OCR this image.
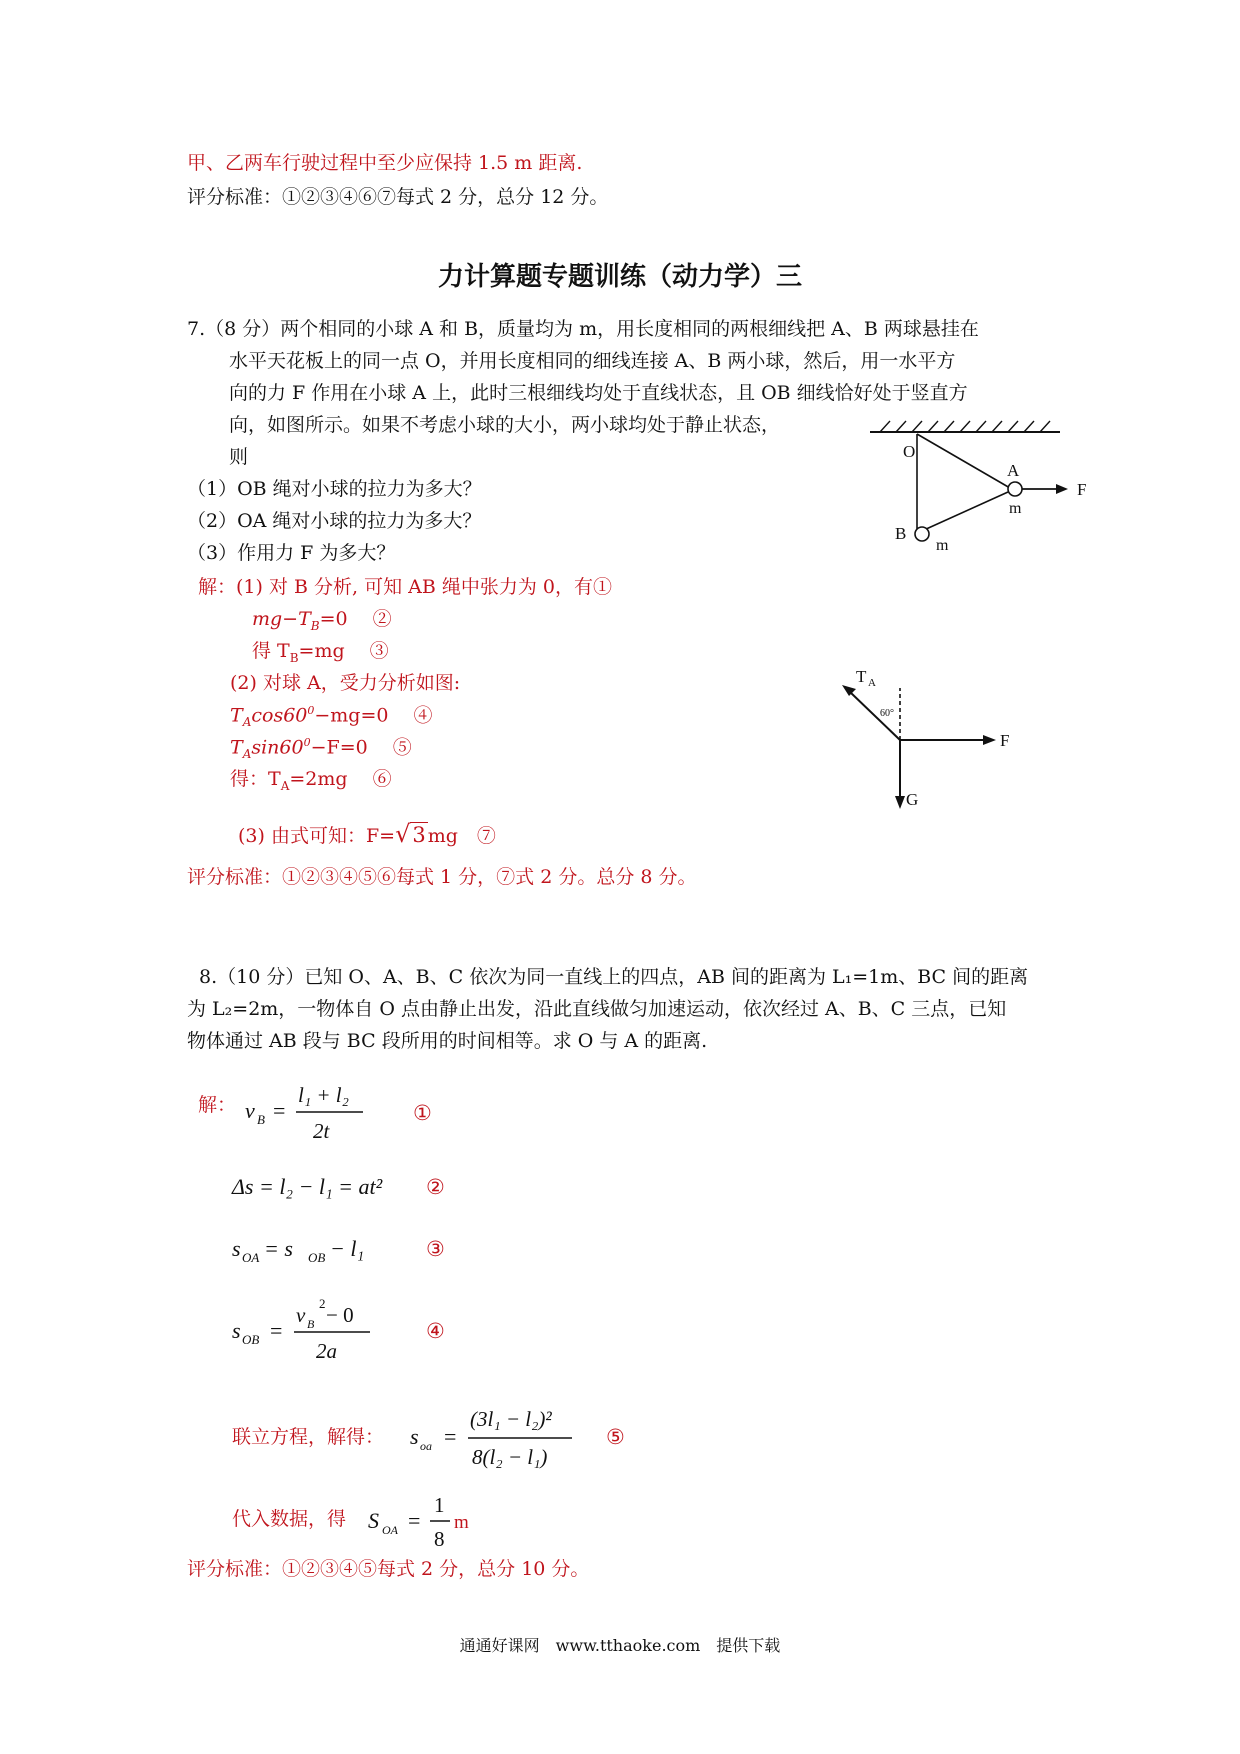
甲、乙两车行驶过程中至少应保持 1.5 m 距离.
评分标准：①②③④⑥⑦每式 2 分，总分 12 分。
力计算题专题训练（动力学）三
7.（8 分）两个相同的小球 A 和 B，质量均为 m，用长度相同的两根细线把 A、B 两球悬挂在
水平天花板上的同一点 O，并用长度相同的细线连接 A、B 两小球，然后，用一水平方
向的力 F 作用在小球 A 上，此时三根细线均处于直线状态，且 OB 细线恰好处于竖直方
向，如图所示。如果不考虑小球的大小，两小球均处于静止状态，
则
（1）OB 绳对小球的拉力为多大？
（2）OA 绳对小球的拉力为多大？
（3）作用力 F 为多大？
O
A
B
F
m
m
T A
60°
F
G
解：(1) 对 B 分析, 可知 AB 绳中张力为 0，有①
$mg-T_B=0$　 ②
得 $T_B=mg$　 ③
(2) 对球 A，受力分析如图:
$T_A\cos 60^0-mg=0$　 ④
$T_A\sin 60^0-F=0$　 ⑤
得：$T_A=2mg$　 ⑥
(3) 由式可知：F=√3 mg　⑦
评分标准：①②③④⑤⑥每式 1 分，⑦式 2 分。总分 8 分。
8.（10 分）已知 O、A、B、C 依次为同一直线上的四点，AB 间的距离为 L₁=1m、BC 间的距离
为 L₂=2m，一物体自 O 点由静止出发，沿此直线做匀加速运动，依次经过 A、B、C 三点，已知
物体通过 AB 段与 BC 段所用的时间相等。求 O 与 A 的距离.
解： v B =
l₁ + l₂
2t
①
Δs = l₂ − l₁ = at² ②
s OA = s OB − l₁	③
s OB =
v B
2 − 0
2a
④
联立方程，解得： s oa =
(3l₁ − l₂)²
8(l₂ − l₁)
⑤
代入数据，得 S OA =
1
8
m
评分标准：①②③④⑤每式 2 分，总分 10 分。
通通好课网　www.tthaoke.com　提供下载
